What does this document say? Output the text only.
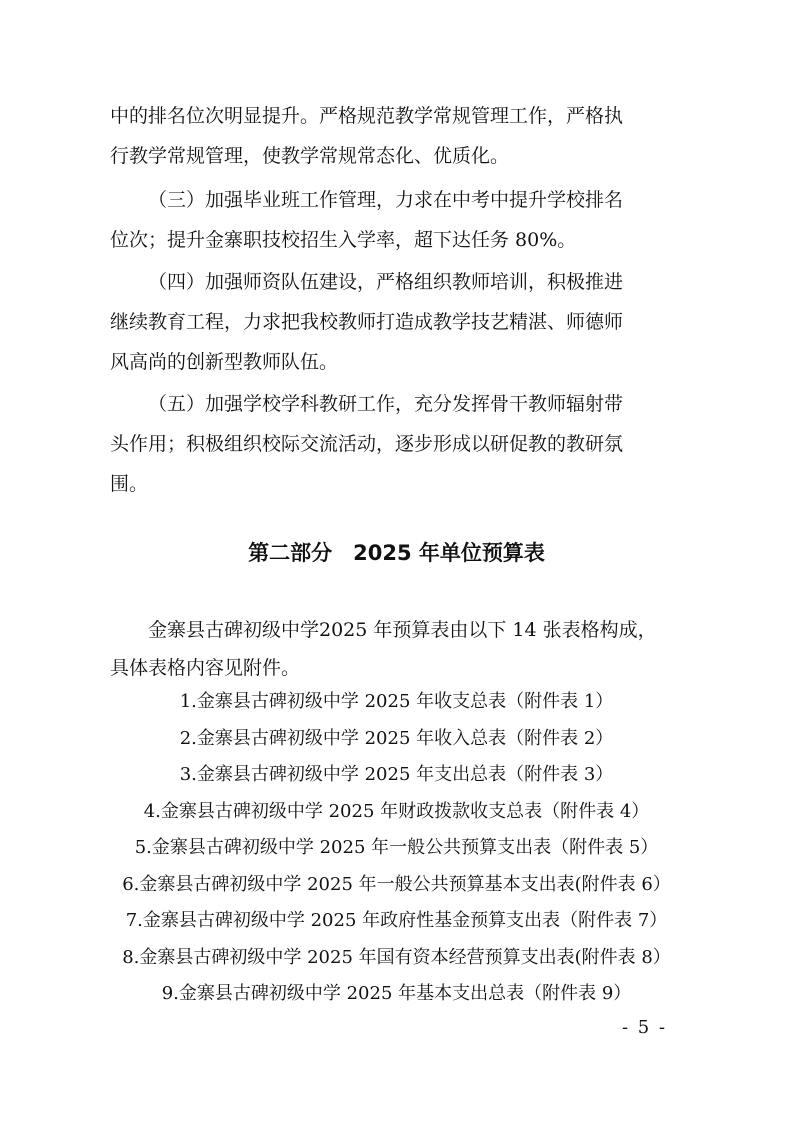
中的排名位次明显提升。严格规范教学常规管理工作，严格执

行教学常规管理，使教学常规常态化、优质化。

（三）加强毕业班工作管理，力求在中考中提升学校排名

位次；提升金寨职技校招生入学率，超下达任务 80%。

（四）加强师资队伍建设，严格组织教师培训，积极推进

继续教育工程，力求把我校教师打造成教学技艺精湛、师德师

风高尚的创新型教师队伍。

（五）加强学校学科教研工作，充分发挥骨干教师辐射带

头作用；积极组织校际交流活动，逐步形成以研促教的教研氛

围。

第二部分　2025 年单位预算表

金寨县古碑初级中学2025 年预算表由以下 14 张表格构成，

具体表格内容见附件。

1.金寨县古碑初级中学 2025 年收支总表（附件表 1）
2.金寨县古碑初级中学 2025 年收入总表（附件表 2）
3.金寨县古碑初级中学 2025 年支出总表（附件表 3）
4.金寨县古碑初级中学 2025 年财政拨款收支总表（附件表 4）
5.金寨县古碑初级中学 2025 年一般公共预算支出表（附件表 5）
6.金寨县古碑初级中学 2025 年一般公共预算基本支出表(附件表 6）
7.金寨县古碑初级中学 2025 年政府性基金预算支出表（附件表 7）
8.金寨县古碑初级中学 2025 年国有资本经营预算支出表(附件表 8）
9.金寨县古碑初级中学 2025 年基本支出总表（附件表 9）
- 5 -
